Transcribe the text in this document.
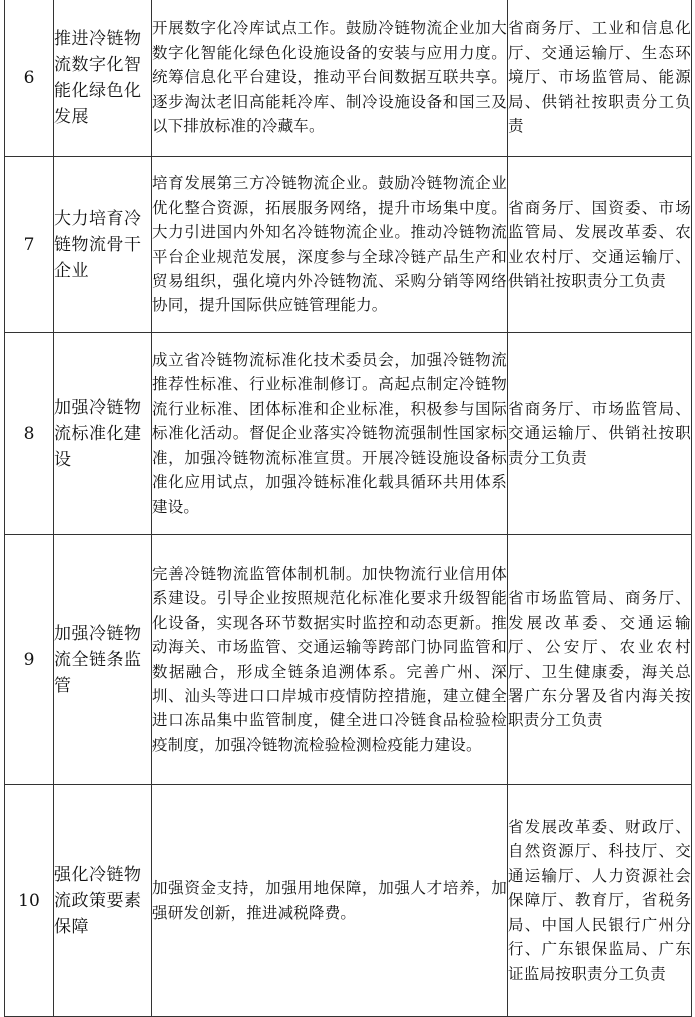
6	推进冷链物流数字化智能化绿色化发展	开展数字化冷库试点工作。鼓励冷链物流企业加大数字化智能化绿色化设施设备的安装与应用力度。统筹信息化平台建设，推动平台间数据互联共享。逐步淘汰老旧高能耗冷库、制冷设施设备和国三及以下排放标准的冷藏车。	省商务厅、工业和信息化厅、交通运输厅、生态环境厅、市场监管局、能源局、供销社按职责分工负责
7	大力培育冷链物流骨干企业	培育发展第三方冷链物流企业。鼓励冷链物流企业优化整合资源，拓展服务网络，提升市场集中度。大力引进国内外知名冷链物流企业。推动冷链物流平台企业规范发展，深度参与全球冷链产品生产和贸易组织，强化境内外冷链物流、采购分销等网络协同，提升国际供应链管理能力。	省商务厅、国资委、市场监管局、发展改革委、农业农村厅、交通运输厅、供销社按职责分工负责
8	加强冷链物流标准化建设	成立省冷链物流标准化技术委员会，加强冷链物流推荐性标准、行业标准制修订。高起点制定冷链物流行业标准、团体标准和企业标准，积极参与国际标准化活动。督促企业落实冷链物流强制性国家标准，加强冷链物流标准宣贯。开展冷链设施设备标准化应用试点，加强冷链标准化载具循环共用体系建设。	省商务厅、市场监管局、交通运输厅、供销社按职责分工负责
9	加强冷链物流全链条监管	完善冷链物流监管体制机制。加快物流行业信用体系建设。引导企业按照规范化标准化要求升级智能化设备，实现各环节数据实时监控和动态更新。推动海关、市场监管、交通运输等跨部门协同监管和数据融合，形成全链条追溯体系。完善广州、深圳、汕头等进口口岸城市疫情防控措施，建立健全进口冻品集中监管制度，健全进口冷链食品检验检疫制度，加强冷链物流检验检测检疫能力建设。	省市场监管局、商务厅、发展改革委、交通运输厅、公安厅、农业农村厅、卫生健康委，海关总署广东分署及省内海关按职责分工负责
10	强化冷链物流政策要素保障	加强资金支持，加强用地保障，加强人才培养，加强研发创新，推进减税降费。	省发展改革委、财政厅、自然资源厅、科技厅、交通运输厅、人力资源社会保障厅、教育厅，省税务局、中国人民银行广州分行、广东银保监局、广东证监局按职责分工负责
